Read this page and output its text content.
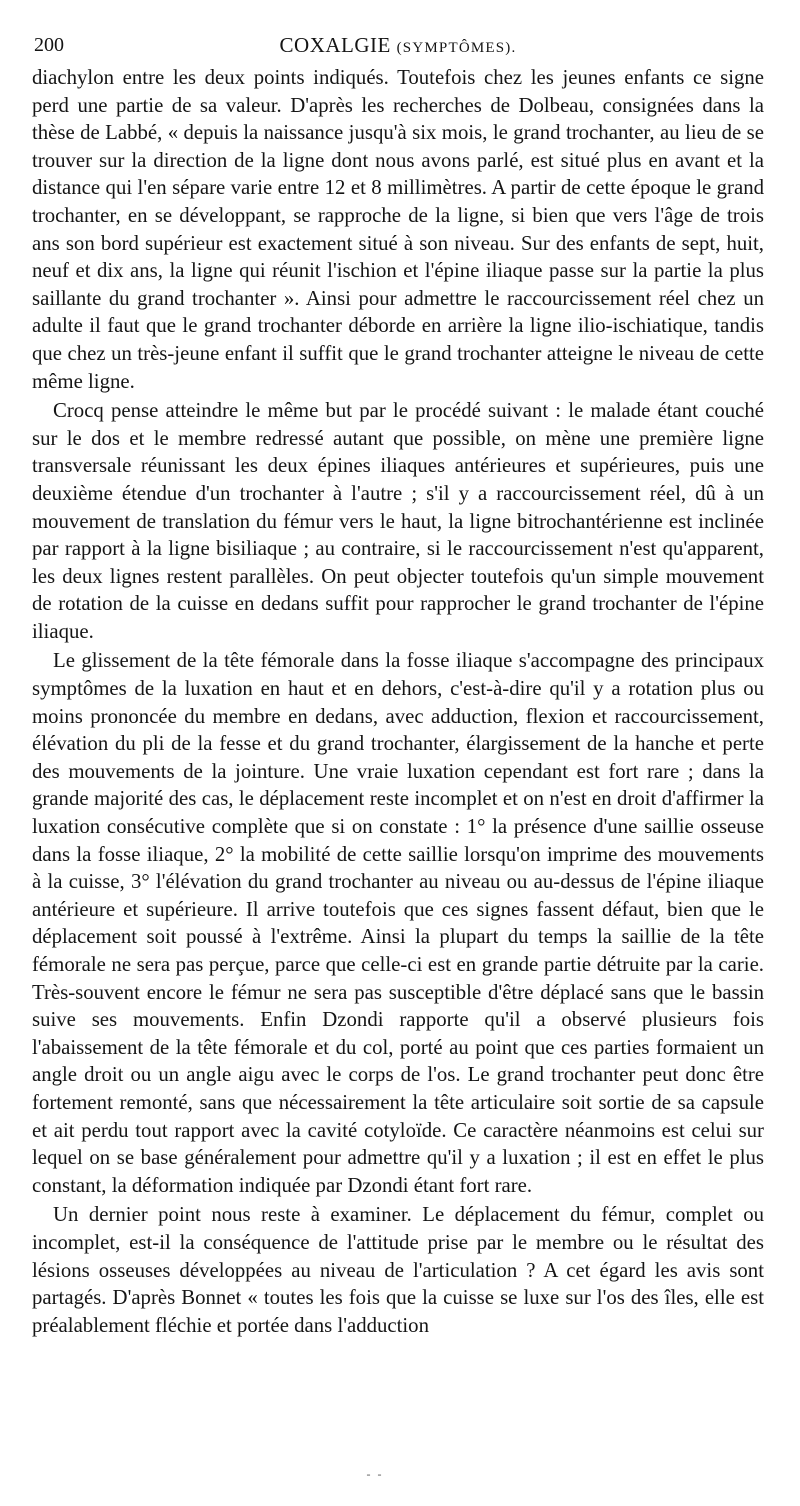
200	COXALGIE (SYMPTÔMES).

diachylon entre les deux points indiqués. Toutefois chez les jeunes enfants ce signe perd une partie de sa valeur. D'après les recherches de Dolbeau, consignées dans la thèse de Labbé, « depuis la naissance jusqu'à six mois, le grand trochanter, au lieu de se trouver sur la direction de la ligne dont nous avons parlé, est situé plus en avant et la distance qui l'en sépare varie entre 12 et 8 millimètres. A partir de cette époque le grand trochanter, en se développant, se rapproche de la ligne, si bien que vers l'âge de trois ans son bord supérieur est exactement situé à son niveau. Sur des enfants de sept, huit, neuf et dix ans, la ligne qui réunit l'ischion et l'épine iliaque passe sur la partie la plus saillante du grand trochanter ». Ainsi pour admettre le raccourcissement réel chez un adulte il faut que le grand trochanter déborde en arrière la ligne ilio-ischiatique, tandis que chez un très-jeune enfant il suffit que le grand trochanter atteigne le niveau de cette même ligne.

Crocq pense atteindre le même but par le procédé suivant : le malade étant couché sur le dos et le membre redressé autant que possible, on mène une première ligne transversale réunissant les deux épines iliaques antérieures et supérieures, puis une deuxième étendue d'un trochanter à l'autre ; s'il y a raccourcissement réel, dû à un mouvement de translation du fémur vers le haut, la ligne bitrochantérienne est inclinée par rapport à la ligne bisiliaque ; au contraire, si le raccourcissement n'est qu'apparent, les deux lignes restent parallèles. On peut objecter toutefois qu'un simple mouvement de rotation de la cuisse en dedans suffit pour rapprocher le grand trochanter de l'épine iliaque.

Le glissement de la tête fémorale dans la fosse iliaque s'accompagne des principaux symptômes de la luxation en haut et en dehors, c'est-à-dire qu'il y a rotation plus ou moins prononcée du membre en dedans, avec adduction, flexion et raccourcissement, élévation du pli de la fesse et du grand trochanter, élargissement de la hanche et perte des mouvements de la jointure. Une vraie luxation cependant est fort rare ; dans la grande majorité des cas, le déplacement reste incomplet et on n'est en droit d'affirmer la luxation consécutive complète que si on constate : 1° la présence d'une saillie osseuse dans la fosse iliaque, 2° la mobilité de cette saillie lorsqu'on imprime des mouvements à la cuisse, 3° l'élévation du grand trochanter au niveau ou au-dessus de l'épine iliaque antérieure et supérieure. Il arrive toutefois que ces signes fassent défaut, bien que le déplacement soit poussé à l'extrême. Ainsi la plupart du temps la saillie de la tête fémorale ne sera pas perçue, parce que celle-ci est en grande partie détruite par la carie. Très-souvent encore le fémur ne sera pas susceptible d'être déplacé sans que le bassin suive ses mouvements. Enfin Dzondi rapporte qu'il a observé plusieurs fois l'abaissement de la tête fémorale et du col, porté au point que ces parties formaient un angle droit ou un angle aigu avec le corps de l'os. Le grand trochanter peut donc être fortement remonté, sans que nécessairement la tête articulaire soit sortie de sa capsule et ait perdu tout rapport avec la cavité cotyloïde. Ce caractère néanmoins est celui sur lequel on se base généralement pour admettre qu'il y a luxation ; il est en effet le plus constant, la déformation indiquée par Dzondi étant fort rare.

Un dernier point nous reste à examiner. Le déplacement du fémur, complet ou incomplet, est-il la conséquence de l'attitude prise par le membre ou le résultat des lésions osseuses développées au niveau de l'articulation ? A cet égard les avis sont partagés. D'après Bonnet « toutes les fois que la cuisse se luxe sur l'os des îles, elle est préalablement fléchie et portée dans l'adduction

- -
